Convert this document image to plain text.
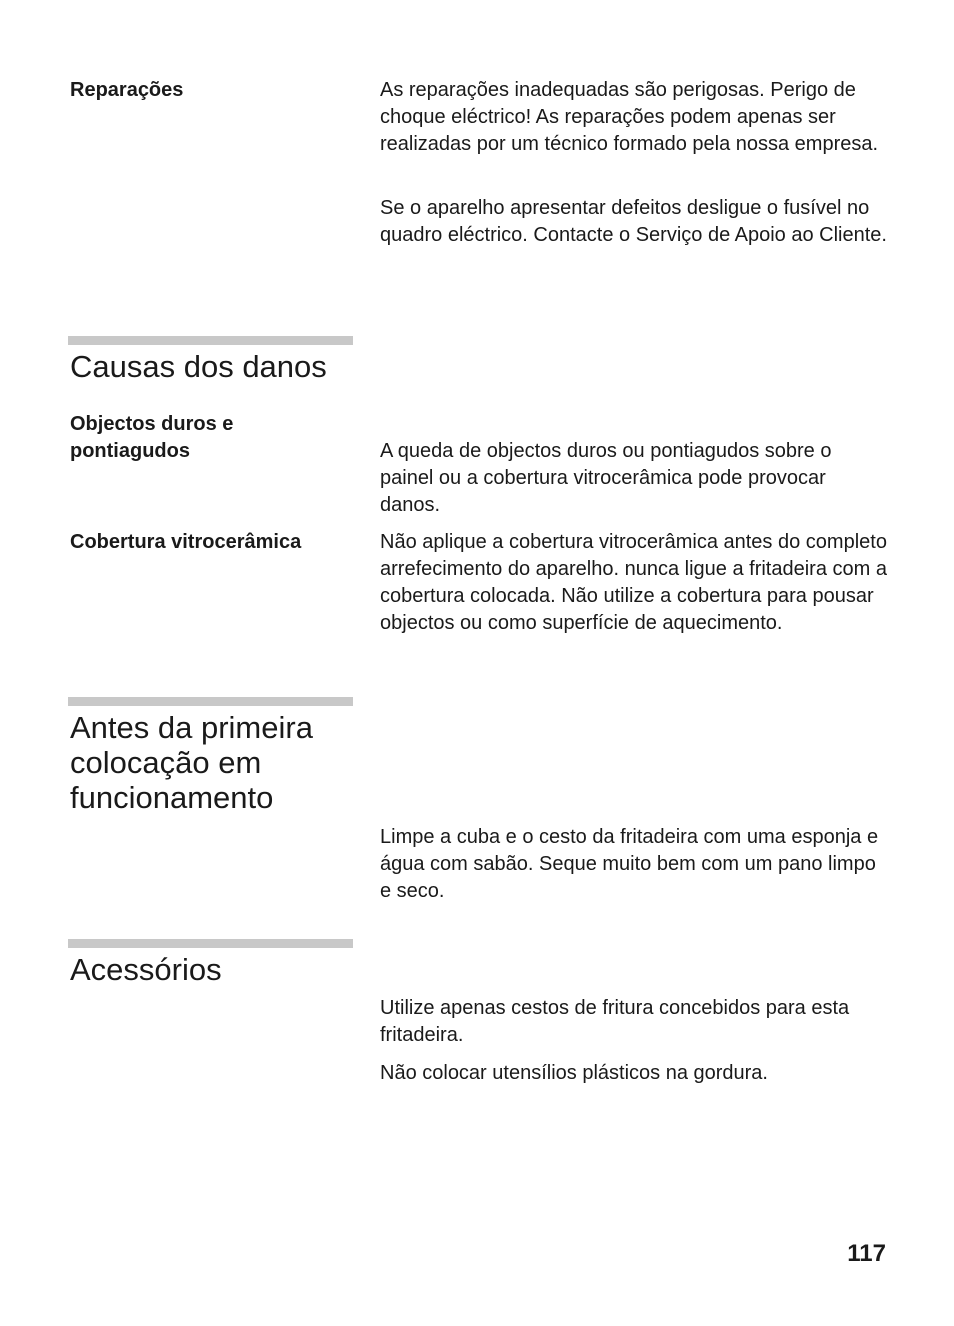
Reparações	As reparações inadequadas são perigosas. Perigo de choque eléctrico! As reparações podem apenas ser realizadas por um técnico formado pela nossa empresa.
Se o aparelho apresentar defeitos desligue o fusível no quadro eléctrico. Contacte o Serviço de Apoio ao Cliente.
Causas dos danos
Objectos duros e
pontiagudos	A queda de objectos duros ou pontiagudos sobre o painel ou a cobertura vitrocerâmica pode provocar danos.
Cobertura vitrocerâmica	Não aplique a cobertura vitrocerâmica antes do completo arrefecimento do aparelho. nunca ligue a fritadeira com a cobertura colocada. Não utilize a cobertura para pousar objectos ou como superfície de aquecimento.
Antes da primeira colocação em funcionamento
Limpe a cuba e o cesto da fritadeira com uma esponja e água com sabão. Seque muito bem com um pano limpo e seco.
Acessórios
Utilize apenas cestos de fritura concebidos para esta fritadeira.
Não colocar utensílios plásticos na gordura.
117
